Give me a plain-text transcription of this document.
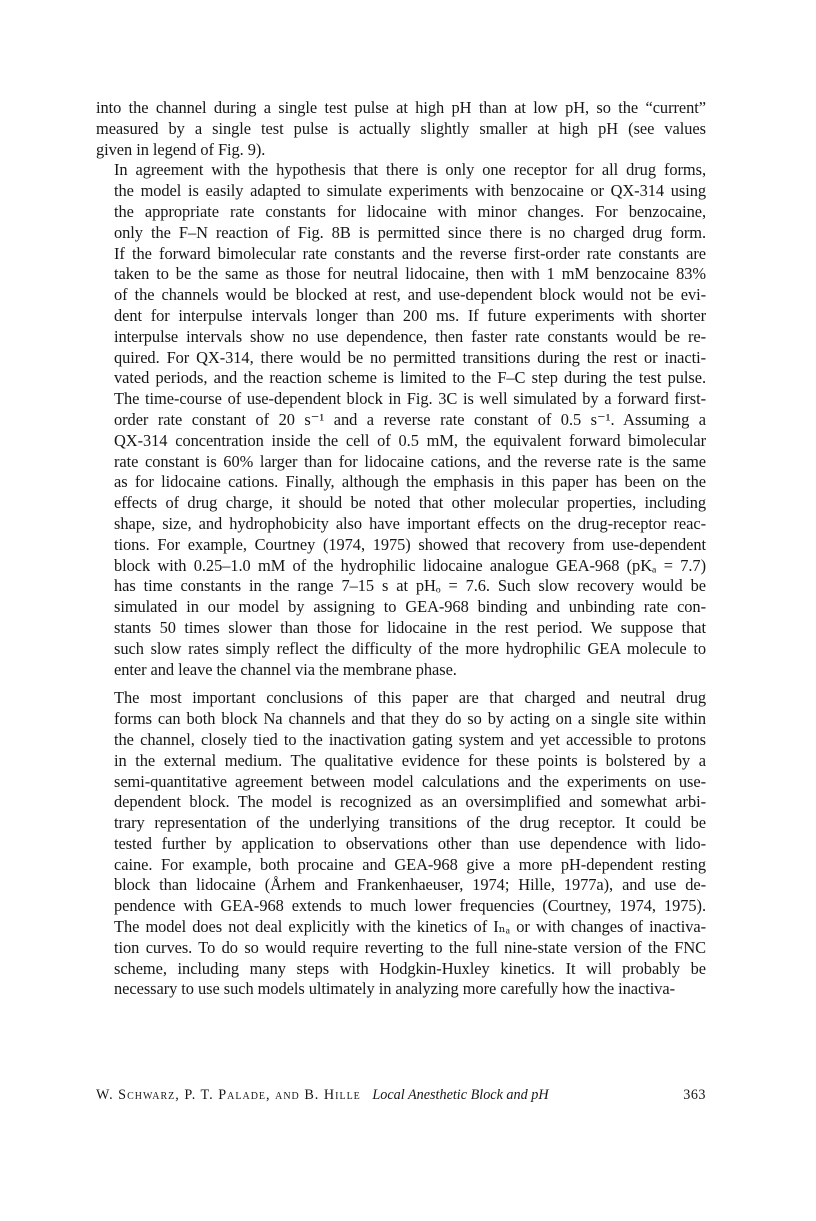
into the channel during a single test pulse at high pH than at low pH, so the “current”
measured by a single test pulse is actually slightly smaller at high pH (see values
given in legend of Fig. 9).
In agreement with the hypothesis that there is only one receptor for all drug forms,
the model is easily adapted to simulate experiments with benzocaine or QX-314 using
the appropriate rate constants for lidocaine with minor changes. For benzocaine,
only the F–N reaction of Fig. 8B is permitted since there is no charged drug form.
If the forward bimolecular rate constants and the reverse first-order rate constants are
taken to be the same as those for neutral lidocaine, then with 1 mM benzocaine 83%
of the channels would be blocked at rest, and use-dependent block would not be evi-
dent for interpulse intervals longer than 200 ms. If future experiments with shorter
interpulse intervals show no use dependence, then faster rate constants would be re-
quired. For QX-314, there would be no permitted transitions during the rest or inacti-
vated periods, and the reaction scheme is limited to the F–C step during the test pulse.
The time-course of use-dependent block in Fig. 3C is well simulated by a forward first-
order rate constant of 20 s⁻¹ and a reverse rate constant of 0.5 s⁻¹. Assuming a
QX-314 concentration inside the cell of 0.5 mM, the equivalent forward bimolecular
rate constant is 60% larger than for lidocaine cations, and the reverse rate is the same
as for lidocaine cations. Finally, although the emphasis in this paper has been on the
effects of drug charge, it should be noted that other molecular properties, including
shape, size, and hydrophobicity also have important effects on the drug-receptor reac-
tions. For example, Courtney (1974, 1975) showed that recovery from use-dependent
block with 0.25–1.0 mM of the hydrophilic lidocaine analogue GEA-968 (pKₐ = 7.7)
has time constants in the range 7–15 s at pHₒ = 7.6. Such slow recovery would be
simulated in our model by assigning to GEA-968 binding and unbinding rate con-
stants 50 times slower than those for lidocaine in the rest period. We suppose that
such slow rates simply reflect the difficulty of the more hydrophilic GEA molecule to
enter and leave the channel via the membrane phase.
The most important conclusions of this paper are that charged and neutral drug
forms can both block Na channels and that they do so by acting on a single site within
the channel, closely tied to the inactivation gating system and yet accessible to protons
in the external medium. The qualitative evidence for these points is bolstered by a
semi-quantitative agreement between model calculations and the experiments on use-
dependent block. The model is recognized as an oversimplified and somewhat arbi-
trary representation of the underlying transitions of the drug receptor. It could be
tested further by application to observations other than use dependence with lido-
caine. For example, both procaine and GEA-968 give a more pH-dependent resting
block than lidocaine (Århem and Frankenhaeuser, 1974; Hille, 1977a), and use de-
pendence with GEA-968 extends to much lower frequencies (Courtney, 1974, 1975).
The model does not deal explicitly with the kinetics of Iₙₐ or with changes of inactiva-
tion curves. To do so would require reverting to the full nine-state version of the FNC
scheme, including many steps with Hodgkin-Huxley kinetics. It will probably be
necessary to use such models ultimately in analyzing more carefully how the inactiva-
W. Schwarz, P. T. Palade, and B. Hille Local Anesthetic Block and pH	363
